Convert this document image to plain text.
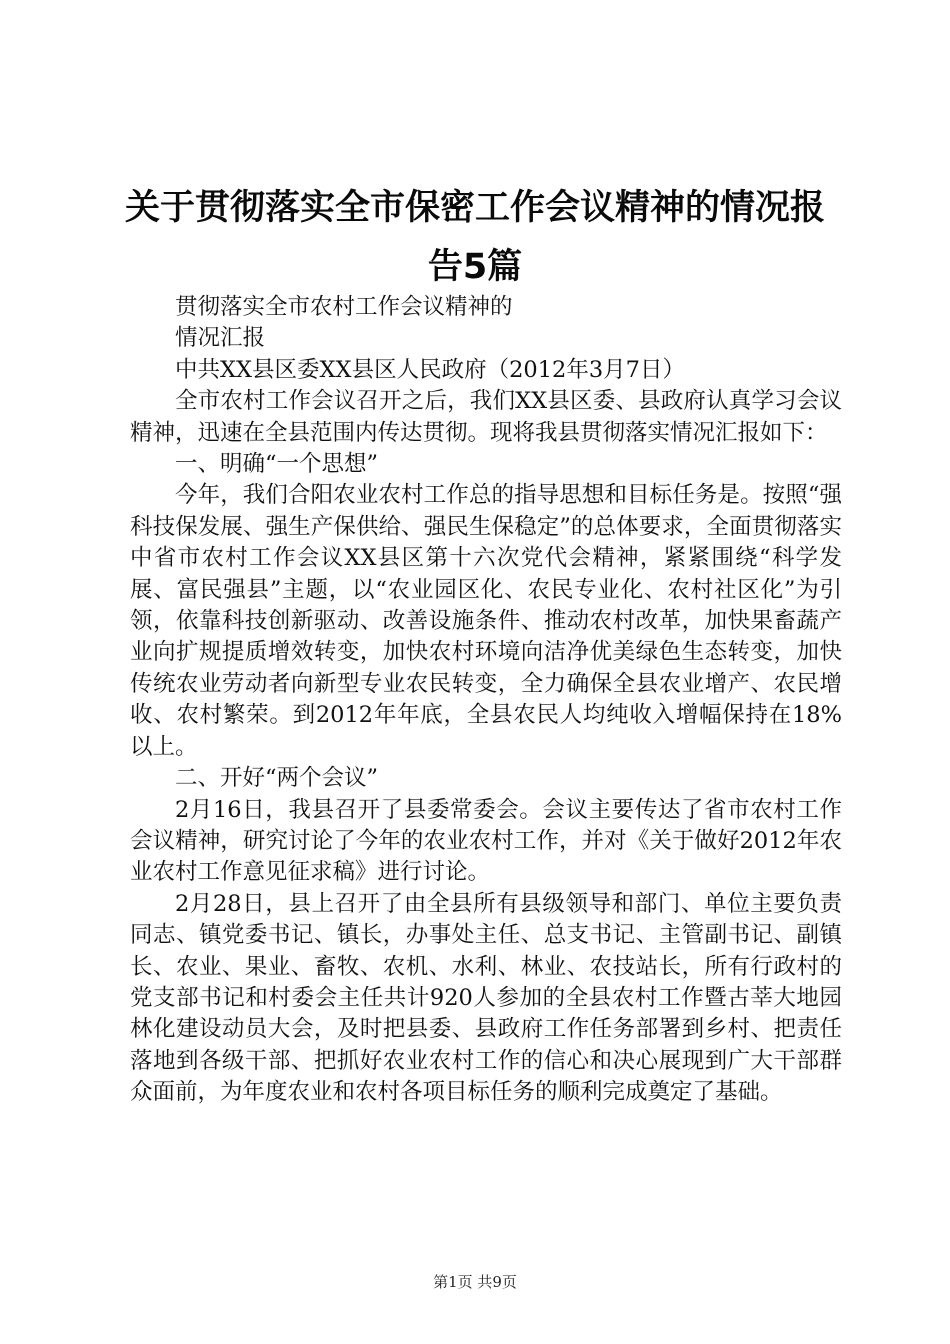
关于贯彻落实全市保密工作会议精神的情况报
告5篇

贯彻落实全市农村工作会议精神的

情况汇报

中共XX县区委XX县区人民政府（2012年3月7日）

全市农村工作会议召开之后，我们XX县区委、县政府认真学习会议精神，迅速在全县范围内传达贯彻。现将我县贯彻落实情况汇报如下：

一、明确“一个思想”

今年，我们合阳农业农村工作总的指导思想和目标任务是。按照“强科技保发展、强生产保供给、强民生保稳定”的总体要求，全面贯彻落实中省市农村工作会议XX县区第十六次党代会精神，紧紧围绕“科学发展、富民强县”主题，以“农业园区化、农民专业化、农村社区化”为引领，依靠科技创新驱动、改善设施条件、推动农村改革，加快果畜蔬产业向扩规提质增效转变，加快农村环境向洁净优美绿色生态转变，加快传统农业劳动者向新型专业农民转变，全力确保全县农业增产、农民增收、农村繁荣。到2012年年底，全县农民人均纯收入增幅保持在18%以上。

二、开好“两个会议”

2月16日，我县召开了县委常委会。会议主要传达了省市农村工作会议精神，研究讨论了今年的农业农村工作，并对《关于做好2012年农业农村工作意见征求稿》进行讨论。

2月28日，县上召开了由全县所有县级领导和部门、单位主要负责同志、镇党委书记、镇长，办事处主任、总支书记、主管副书记、副镇长、农业、果业、畜牧、农机、水利、林业、农技站长，所有行政村的党支部书记和村委会主任共计920人参加的全县农村工作暨古莘大地园林化建设动员大会，及时把县委、县政府工作任务部署到乡村、把责任落地到各级干部、把抓好农业农村工作的信心和决心展现到广大干部群众面前，为年度农业和农村各项目标任务的顺利完成奠定了基础。

第1页 共9页
